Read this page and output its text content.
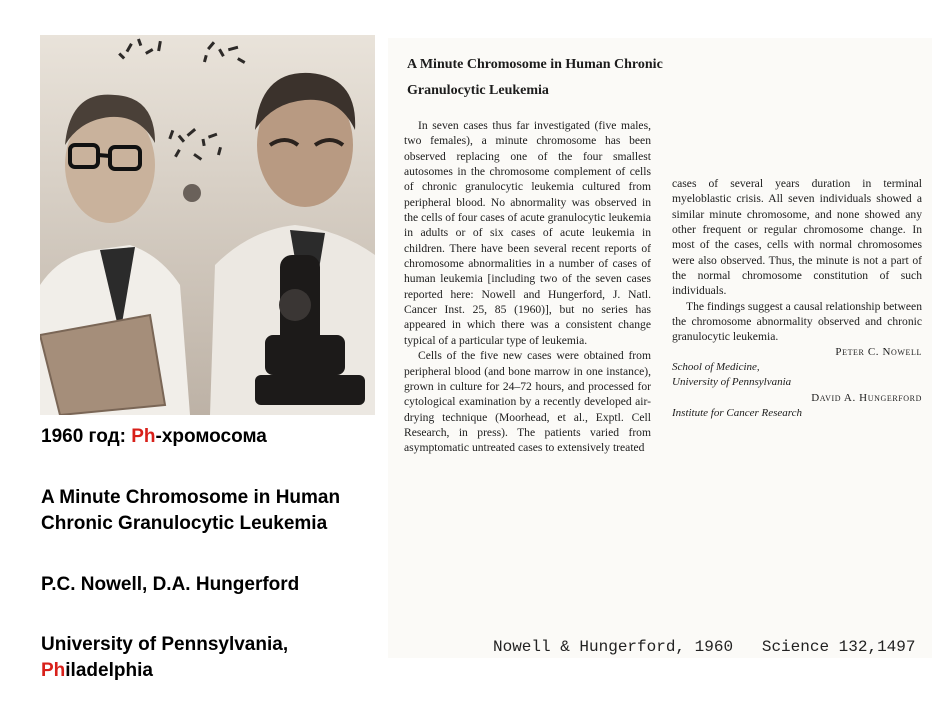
1960 год: Ph-хромосома
A Minute Chromosome in Human
Chronic Granulocytic Leukemia
P.C. Nowell, D.A. Hungerford
University of Pennsylvania,
Philadelphia
A Minute Chromosome in Human Chronic Granulocytic Leukemia

In seven cases thus far investigated (five males, two females), a minute chromosome has been observed replacing one of the four smallest autosomes in the chromosome complement of cells of chronic granulocytic leukemia cultured from peripheral blood. No abnormality was observed in the cells of four cases of acute granulocytic leukemia in adults or of six cases of acute leukemia in children. There have been several recent reports of chromosome abnormalities in a number of cases of human leukemia [including two of the seven cases reported here: Nowell and Hungerford, J. Natl. Cancer Inst. 25, 85 (1960)], but no series has appeared in which there was a consistent change typical of a particular type of leukemia.

Cells of the five new cases were obtained from peripheral blood (and bone marrow in one instance), grown in culture for 24–72 hours, and processed for cytological examination by a recently developed air-drying technique (Moorhead, et al., Exptl. Cell Research, in press). The patients varied from asymptomatic untreated cases to extensively treated

cases of several years duration in terminal myeloblastic crisis. All seven individuals showed a similar minute chromosome, and none showed any other frequent or regular chromosome change. In most of the cases, cells with normal chromosomes were also observed. Thus, the minute is not a part of the normal chromosome constitution of such individuals.

The findings suggest a causal relationship between the chromosome abnormality observed and chronic granulocytic leukemia.

Peter C. Nowell
School of Medicine,
University of Pennsylvania
David A. Hungerford
Institute for Cancer Research
Nowell & Hungerford, 1960   Science 132,1497
